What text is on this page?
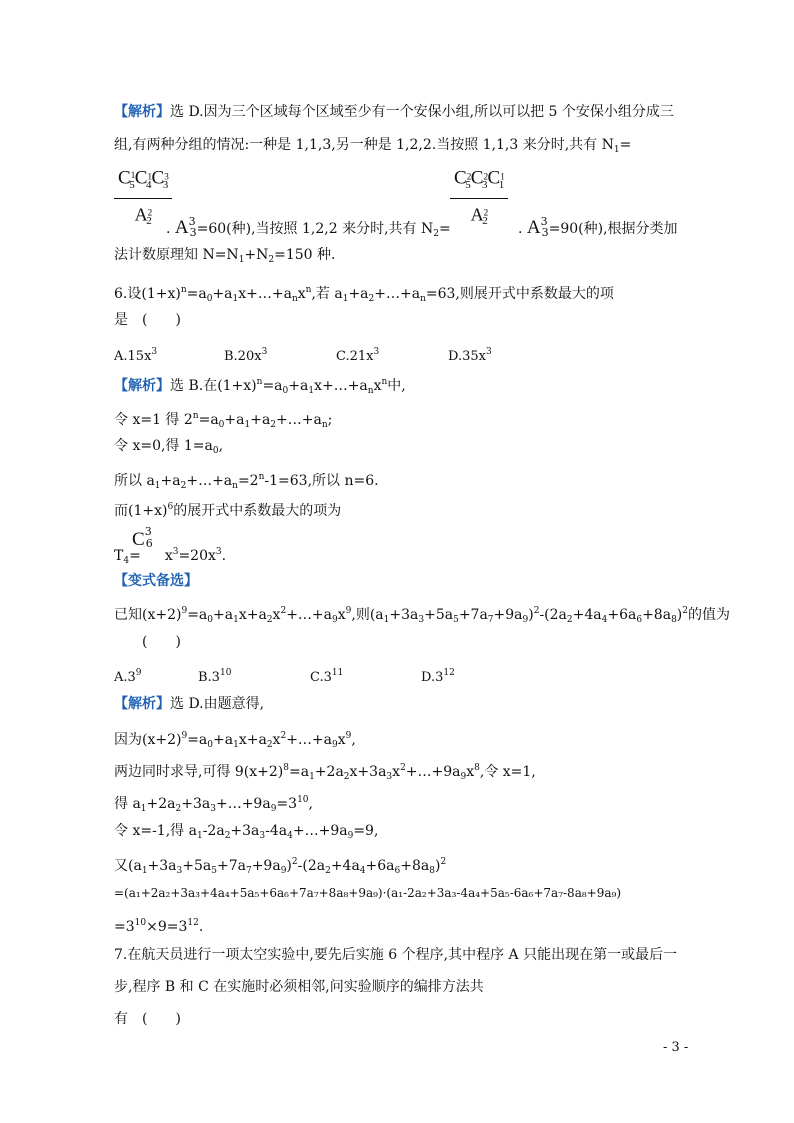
【解析】选 D.因为三个区域每个区域至少有一个安保小组,所以可以把 5 个安保小组分成三
组,有两种分组的情况:一种是 1,1,3,另一种是 1,2,2.当按照 1,1,3 来分时,共有 $N_1=$
$\frac{C^1_5C^1_4C^3_3}{A^2_2}$
. $A^3_3=60$(种),当按照 1,2,2 来分时,共有 $N_2= \frac{C^2_5C^2_3C^1_1}{A^2_2}$ . $A^3_3=90$(种),根据分类加
法计数原理知 $N=N_1+N_2=150$ 种.
6.设$(1+x)^n=a_0+a_1x+\dots+a_nx^n$,若 $a_1+a_2+\dots+a_n=63$,则展开式中系数最大的项
是　(　　)
$A.15x^3$	$B.20x^3$	$C.21x^3$	$D.35x^3$
【解析】选 B.在$(1+x)^n=a_0+a_1x+\dots+a_nx^n$中,
令 x=1 得 $2^n=a_0+a_1+a_2+\dots+a_n$;
令 x=0,得 $1=a_0$,
所以 $a_1+a_2+\dots+a_n=2^n-1=63$,所以 n=6.
而$(1+x)^6$的展开式中系数最大的项为
$C^36$
$T_4= x^3=20x^3$.
【变式备选】
已知$(x+2)^9=a_0+a_1x+a_2x^2+\dots+a_9x^9$,则$(a_1+3a_3+5a_5+7a_7+9a_9)^2-(2a_2+4a_4+6a_6+8a_8)^2$的值为
(　　)
$A.3^9$	$B.3^{10}$	$C.3^{11}$	$D.3^{12}$
【解析】选 D.由题意得,
因为$(x+2)^9=a_0+a_1x+a_2x^2+\dots+a_9x^9$,
两边同时求导,可得 $9(x+2)^8=a_1+2a_2x+3a_3x^2+\dots+9a_9x^8$,令 x=1,
得 $a_1+2a_2+3a_3+\dots+9a_9=3^{10}$,
令 x=-1,得 $a_1-2a_2+3a_3-4a_4+\dots+9a_9=9$,
又$(a_1+3a_3+5a_5+7a_7+9a_9)^2-(2a_2+4a_4+6a_6+8a_8)^2$
=(a₁+2a₂+3a₃+4a₄+5a₅+6a₆+7a₇+8a₈+9a₉)·(a₁-2a₂+3a₃-4a₄+5a₅-6a₆+7a₇-8a₈+9a₉)
$=3^{10}\times 9=3^{12}$.
7.在航天员进行一项太空实验中,要先后实施 6 个程序,其中程序 A 只能出现在第一或最后一
步,程序 B 和 C 在实施时必须相邻,问实验顺序的编排方法共
有　(　　)
- 3 -
